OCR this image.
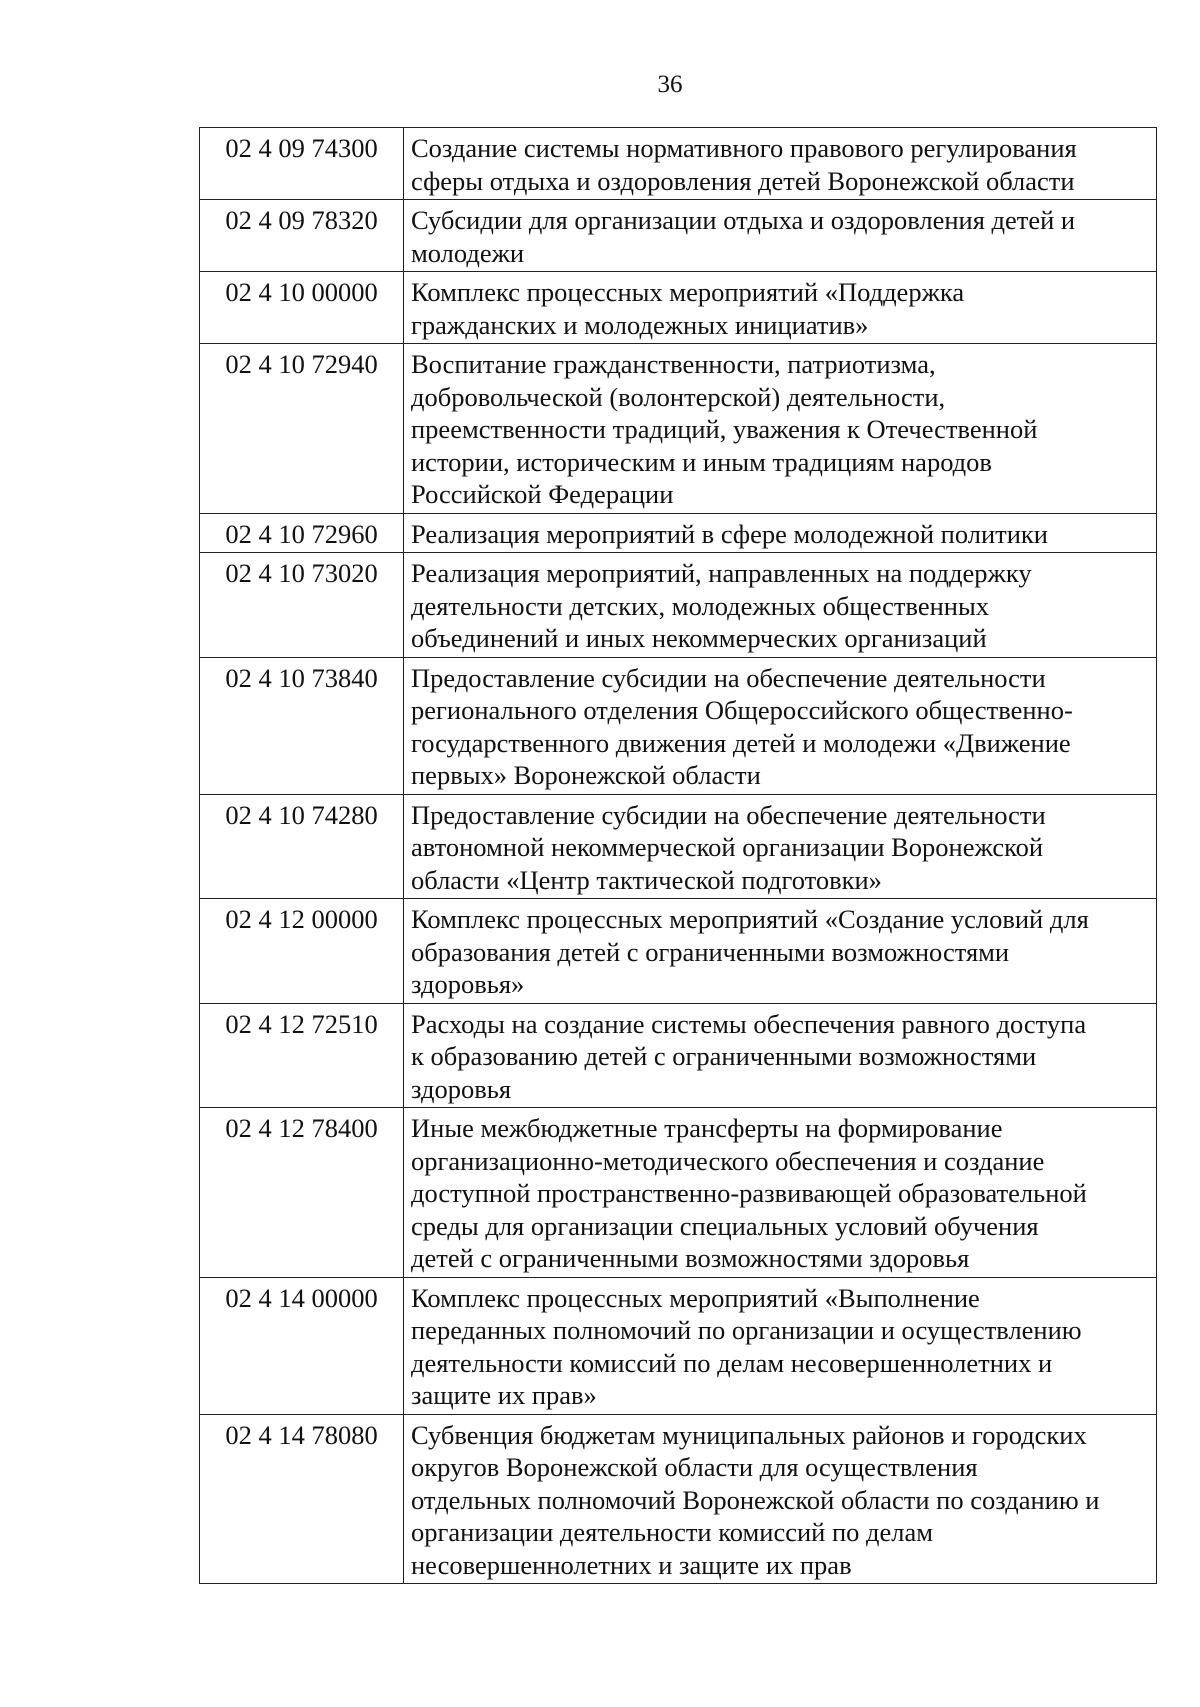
36
02 4 09 74300	Создание системы нормативного правового регулирования
сферы отдыха и оздоровления детей Воронежской области

02 4 09 78320	Субсидии для организации отдыха и оздоровления детей и
молодежи

02 4 10 00000	Комплекс процессных мероприятий «Поддержка
гражданских и молодежных инициатив»

02 4 10 72940	Воспитание гражданственности, патриотизма,
добровольческой (волонтерской) деятельности,
преемственности традиций, уважения к Отечественной
истории, историческим и иным традициям народов
Российской Федерации

02 4 10 72960	Реализация мероприятий в сфере молодежной политики

02 4 10 73020	Реализация мероприятий, направленных на поддержку
деятельности детских, молодежных общественных
объединений и иных некоммерческих организаций

02 4 10 73840	Предоставление субсидии на обеспечение деятельности
регионального отделения Общероссийского общественно-
государственного движения детей и молодежи «Движение
первых» Воронежской области

02 4 10 74280	Предоставление субсидии на обеспечение деятельности
автономной некоммерческой организации Воронежской
области «Центр тактической подготовки»

02 4 12 00000	Комплекс процессных мероприятий «Создание условий для
образования детей с ограниченными возможностями
здоровья»

02 4 12 72510	Расходы на создание системы обеспечения равного доступа
к образованию детей с ограниченными возможностями
здоровья

02 4 12 78400	Иные межбюджетные трансферты на формирование
организационно-методического обеспечения и создание
доступной пространственно-развивающей образовательной
среды для организации специальных условий обучения
детей с ограниченными возможностями здоровья

02 4 14 00000	Комплекс процессных мероприятий «Выполнение
переданных полномочий по организации и осуществлению
деятельности комиссий по делам несовершеннолетних и
защите их прав»

02 4 14 78080	Субвенция бюджетам муниципальных районов и городских
округов Воронежской области для осуществления
отдельных полномочий Воронежской области по созданию и
организации деятельности комиссий по делам
несовершеннолетних и защите их прав
